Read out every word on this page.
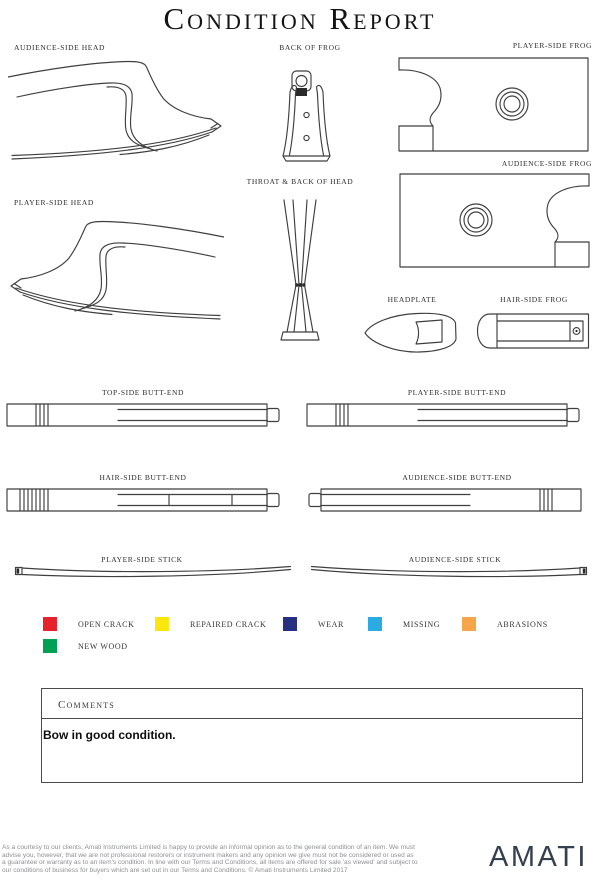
Condition Report
AUDIENCE-SIDE HEAD	BACK OF FROG	PLAYER-SIDE FROG
AUDIENCE-SIDE FROG
PLAYER-SIDE HEAD
THROAT & BACK OF HEAD
HEADPLATE	HAIR-SIDE FROG
TOP-SIDE BUTT-END	PLAYER-SIDE BUTT-END
HAIR-SIDE BUTT-END	AUDIENCE-SIDE BUTT-END
PLAYER-SIDE STICK	AUDIENCE-SIDE STICK
OPEN CRACK	REPAIRED CRACK	WEAR	MISSING	ABRASIONS
NEW WOOD
Comments
Bow in good condition.
As a courtesy to our clients, Amati Instruments Limited is happy to provide an informal opinion as to the general condition of an item. We must
advise you, however, that we are not professional restorers or instrument makers and any opinion we give must not be considered or used as
a guarantee or warranty as to an item's condition. In line with our Terms and Conditions, all items are offered for sale 'as viewed' and subject to
our conditions of business for buyers which are set out in our Terms and Conditions. © Amati Instruments Limited 2017	AMATI
